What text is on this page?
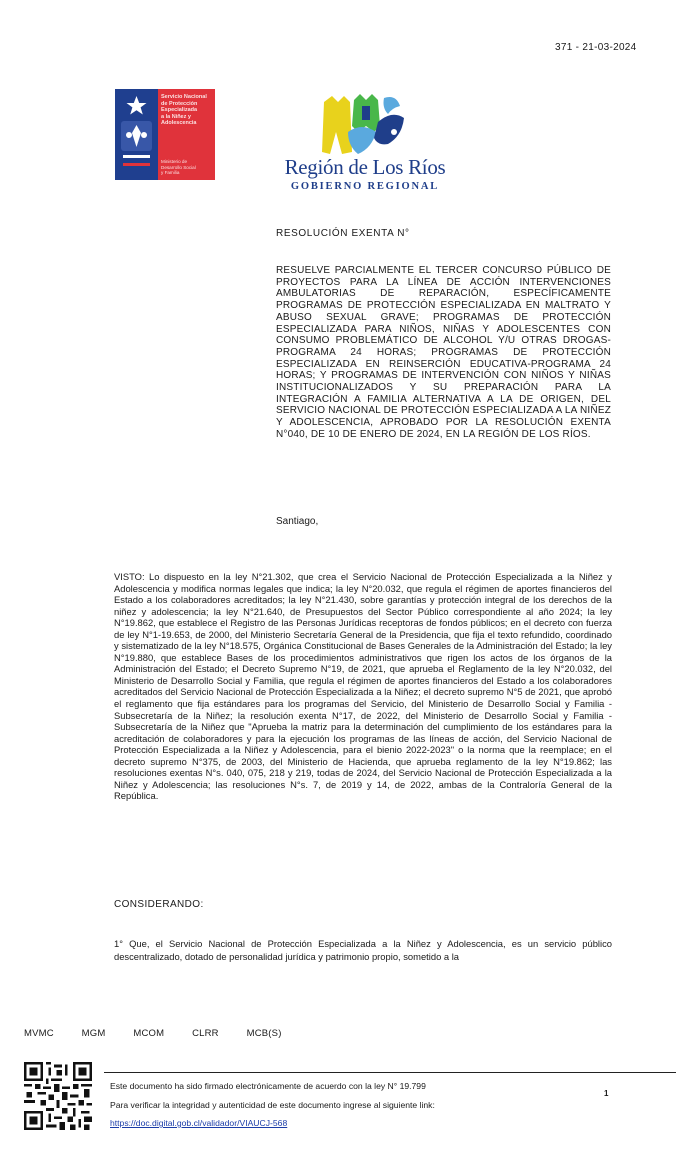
371 - 21-03-2024
Servicio Nacional
de Protección
Especializada
a la Niñez y
Adolescencia
Ministerio de
Desarrollo Social
y Familia	Región de Los Ríos
GOBIERNO REGIONAL
RESOLUCIÓN EXENTA N°
RESUELVE PARCIALMENTE EL TERCER CONCURSO PÚBLICO DE PROYECTOS PARA LA LÍNEA DE ACCIÓN INTERVENCIONES AMBULATORIAS DE REPARACIÓN, ESPECÍFICAMENTE PROGRAMAS DE PROTECCIÓN ESPECIALIZADA EN MALTRATO Y ABUSO SEXUAL GRAVE; PROGRAMAS DE PROTECCIÓN ESPECIALIZADA PARA NIÑOS, NIÑAS Y ADOLESCENTES CON CONSUMO PROBLEMÁTICO DE ALCOHOL Y/U OTRAS DROGAS-PROGRAMA 24 HORAS; PROGRAMAS DE PROTECCIÓN ESPECIALIZADA EN REINSERCIÓN EDUCATIVA-PROGRAMA 24 HORAS; Y PROGRAMAS DE INTERVENCIÓN CON NIÑOS Y NIÑAS INSTITUCIONALIZADOS Y SU PREPARACIÓN PARA LA INTEGRACIÓN A FAMILIA ALTERNATIVA A LA DE ORIGEN, DEL SERVICIO NACIONAL DE PROTECCIÓN ESPECIALIZADA A LA NIÑEZ Y ADOLESCENCIA, APROBADO POR LA RESOLUCIÓN EXENTA N°040, DE 10 DE ENERO DE 2024, EN LA REGIÓN DE LOS RÍOS.
Santiago,
VISTO: Lo dispuesto en la ley N°21.302, que crea el Servicio Nacional de Protección Especializada a la Niñez y Adolescencia y modifica normas legales que indica; la ley N°20.032, que regula el régimen de aportes financieros del Estado a los colaboradores acreditados; la ley N°21.430, sobre garantías y protección integral de los derechos de la niñez y adolescencia; la ley N°21.640, de Presupuestos del Sector Público correspondiente al año 2024; la ley N°19.862, que establece el Registro de las Personas Jurídicas receptoras de fondos públicos; en el decreto con fuerza de ley N°1-19.653, de 2000, del Ministerio Secretaría General de la Presidencia, que fija el texto refundido, coordinado y sistematizado de la ley N°18.575, Orgánica Constitucional de Bases Generales de la Administración del Estado; la ley N°19.880, que establece Bases de los procedimientos administrativos que rigen los actos de los órganos de la Administración del Estado; el Decreto Supremo N°19, de 2021, que aprueba el Reglamento de la ley N°20.032, del Ministerio de Desarrollo Social y Familia, que regula el régimen de aportes financieros del Estado a los colaboradores acreditados del Servicio Nacional de Protección Especializada a la Niñez; el decreto supremo N°5 de 2021, que aprobó el reglamento que fija estándares para los programas del Servicio, del Ministerio de Desarrollo Social y Familia - Subsecretaría de la Niñez; la resolución exenta N°17, de 2022, del Ministerio de Desarrollo Social y Familia - Subsecretaría de la Niñez que "Aprueba la matriz para la determinación del cumplimiento de los estándares para la acreditación de colaboradores y para la ejecución los programas de las líneas de acción, del Servicio Nacional de Protección Especializada a la Niñez y Adolescencia, para el bienio 2022-2023" o la norma que la reemplace; en el decreto supremo N°375, de 2003, del Ministerio de Hacienda, que aprueba reglamento de la ley N°19.862; las resoluciones exentas N°s. 040, 075, 218 y 219, todas de 2024, del Servicio Nacional de Protección Especializada a la Niñez y Adolescencia; las resoluciones N°s. 7, de 2019 y 14, de 2022, ambas de la Contraloría General de la República.
CONSIDERANDO:
1° Que, el Servicio Nacional de Protección Especializada a la Niñez y Adolescencia, es un servicio público descentralizado, dotado de personalidad jurídica y patrimonio propio, sometido a la
MVMC	MGM	MCOM	CLRR	MCB(S)
Este documento ha sido firmado electrónicamente de acuerdo con la ley N° 19.799
Para verificar la integridad y autenticidad de este documento ingrese al siguiente link:
https://doc.digital.gob.cl/validador/VIAUCJ-568
1
